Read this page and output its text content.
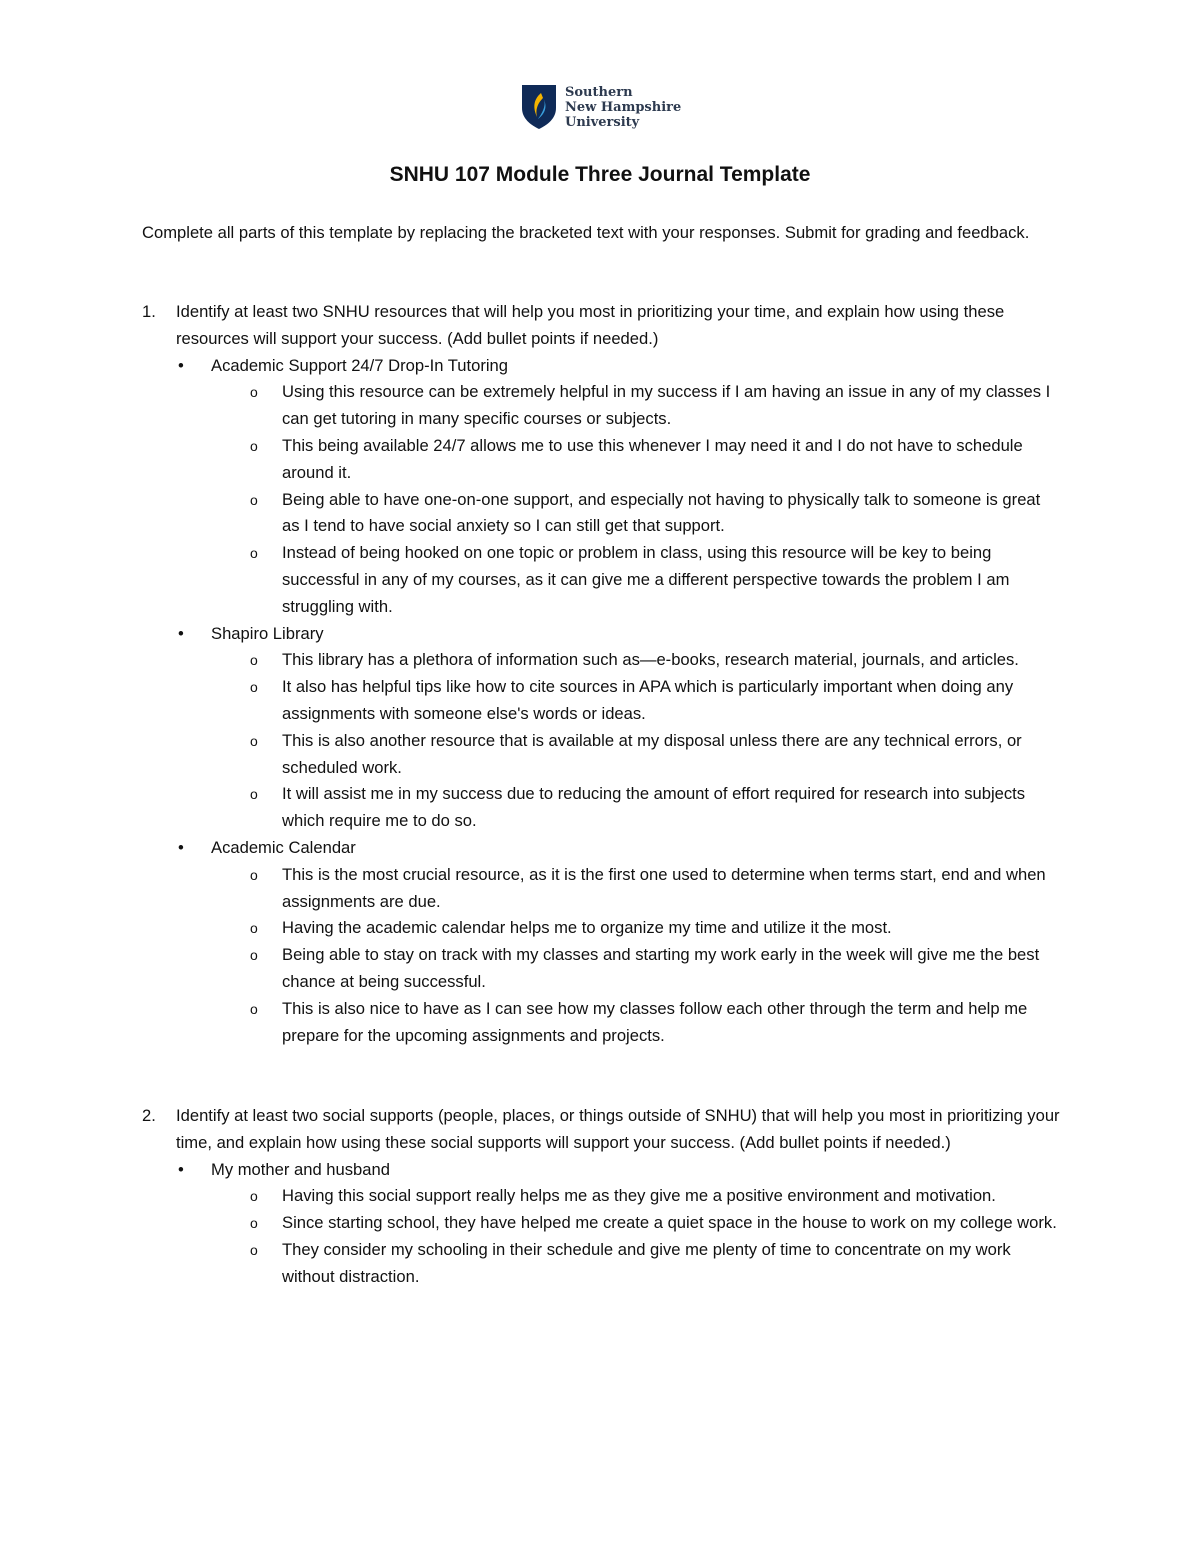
Southern
New Hampshire
University
SNHU 107 Module Three Journal Template
Complete all parts of this template by replacing the bracketed text with your responses. Submit for grading and feedback.
1. Identify at least two SNHU resources that will help you most in prioritizing your time, and explain how using these resources will support your success. (Add bullet points if needed.)
• Academic Support 24/7 Drop-In Tutoring
o Using this resource can be extremely helpful in my success if I am having an issue in any of my classes I can get tutoring in many specific courses or subjects.
o This being available 24/7 allows me to use this whenever I may need it and I do not have to schedule around it.
o Being able to have one-on-one support, and especially not having to physically talk to someone is great as I tend to have social anxiety so I can still get that support.
o Instead of being hooked on one topic or problem in class, using this resource will be key to being successful in any of my courses, as it can give me a different perspective towards the problem I am struggling with.
• Shapiro Library
o This library has a plethora of information such as—e-books, research material, journals, and articles.
o It also has helpful tips like how to cite sources in APA which is particularly important when doing any assignments with someone else's words or ideas.
o This is also another resource that is available at my disposal unless there are any technical errors, or scheduled work.
o It will assist me in my success due to reducing the amount of effort required for research into subjects which require me to do so.
• Academic Calendar
o This is the most crucial resource, as it is the first one used to determine when terms start, end and when assignments are due.
o Having the academic calendar helps me to organize my time and utilize it the most.
o Being able to stay on track with my classes and starting my work early in the week will give me the best chance at being successful.
o This is also nice to have as I can see how my classes follow each other through the term and help me prepare for the upcoming assignments and projects.
2. Identify at least two social supports (people, places, or things outside of SNHU) that will help you most in prioritizing your time, and explain how using these social supports will support your success. (Add bullet points if needed.)
• My mother and husband
o Having this social support really helps me as they give me a positive environment and motivation.
o Since starting school, they have helped me create a quiet space in the house to work on my college work.
o They consider my schooling in their schedule and give me plenty of time to concentrate on my work without distraction.
